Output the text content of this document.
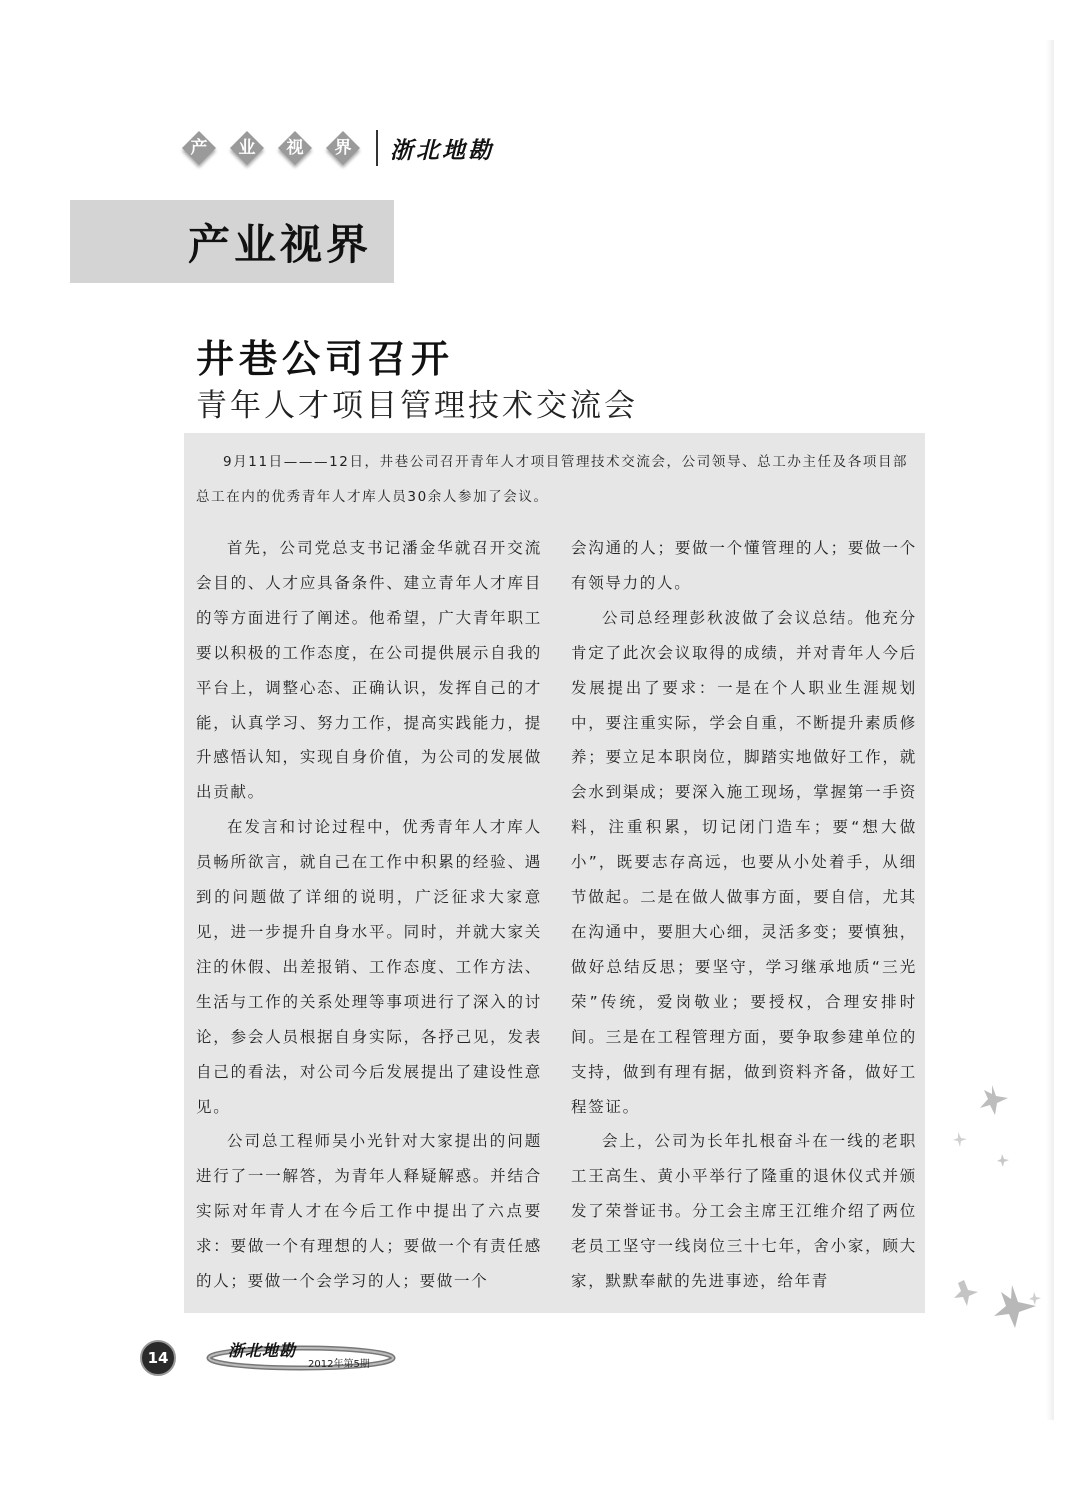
产	业	视	界	浙北地勘
产业视界
井巷公司召开
青年人才项目管理技术交流会

9月11日———12日，井巷公司召开青年人才项目管理技术交流会，公司领导、总工办主任及各项目部总工在内的优秀青年人才库人员30余人参加了会议。

首先，公司党总支书记潘金华就召开交流会目的、人才应具备条件、建立青年人才库目的等方面进行了阐述。他希望，广大青年职工要以积极的工作态度，在公司提供展示自我的平台上，调整心态、正确认识，发挥自己的才能，认真学习、努力工作，提高实践能力，提升感悟认知，实现自身价值，为公司的发展做出贡献。

在发言和讨论过程中，优秀青年人才库人员畅所欲言，就自己在工作中积累的经验、遇到的问题做了详细的说明，广泛征求大家意见，进一步提升自身水平。同时，并就大家关注的休假、出差报销、工作态度、工作方法、生活与工作的关系处理等事项进行了深入的讨论，参会人员根据自身实际，各抒己见，发表自己的看法，对公司今后发展提出了建设性意见。

公司总工程师吴小光针对大家提出的问题进行了一一解答，为青年人释疑解惑。并结合实际对年青人才在今后工作中提出了六点要求：要做一个有理想的人；要做一个有责任感的人；要做一个会学习的人；要做一个

会沟通的人；要做一个懂管理的人；要做一个有领导力的人。

公司总经理彭秋波做了会议总结。他充分肯定了此次会议取得的成绩，并对青年人今后发展提出了要求：一是在个人职业生涯规划中，要注重实际，学会自重，不断提升素质修养；要立足本职岗位，脚踏实地做好工作，就会水到渠成；要深入施工现场，掌握第一手资料，注重积累，切记闭门造车；要“想大做小”，既要志存高远，也要从小处着手，从细节做起。二是在做人做事方面，要自信，尤其在沟通中，要胆大心细，灵活多变；要慎独，做好总结反思；要坚守，学习继承地质“三光荣”传统，爱岗敬业；要授权，合理安排时间。三是在工程管理方面，要争取参建单位的支持，做到有理有据，做到资料齐备，做好工程签证。

会上，公司为长年扎根奋斗在一线的老职工王高生、黄小平举行了隆重的退休仪式并颁发了荣誉证书。分工会主席王江维介绍了两位老员工坚守一线岗位三十七年，舍小家，顾大家，默默奉献的先进事迹，给年青

14	浙北地勘
2012年第5期
